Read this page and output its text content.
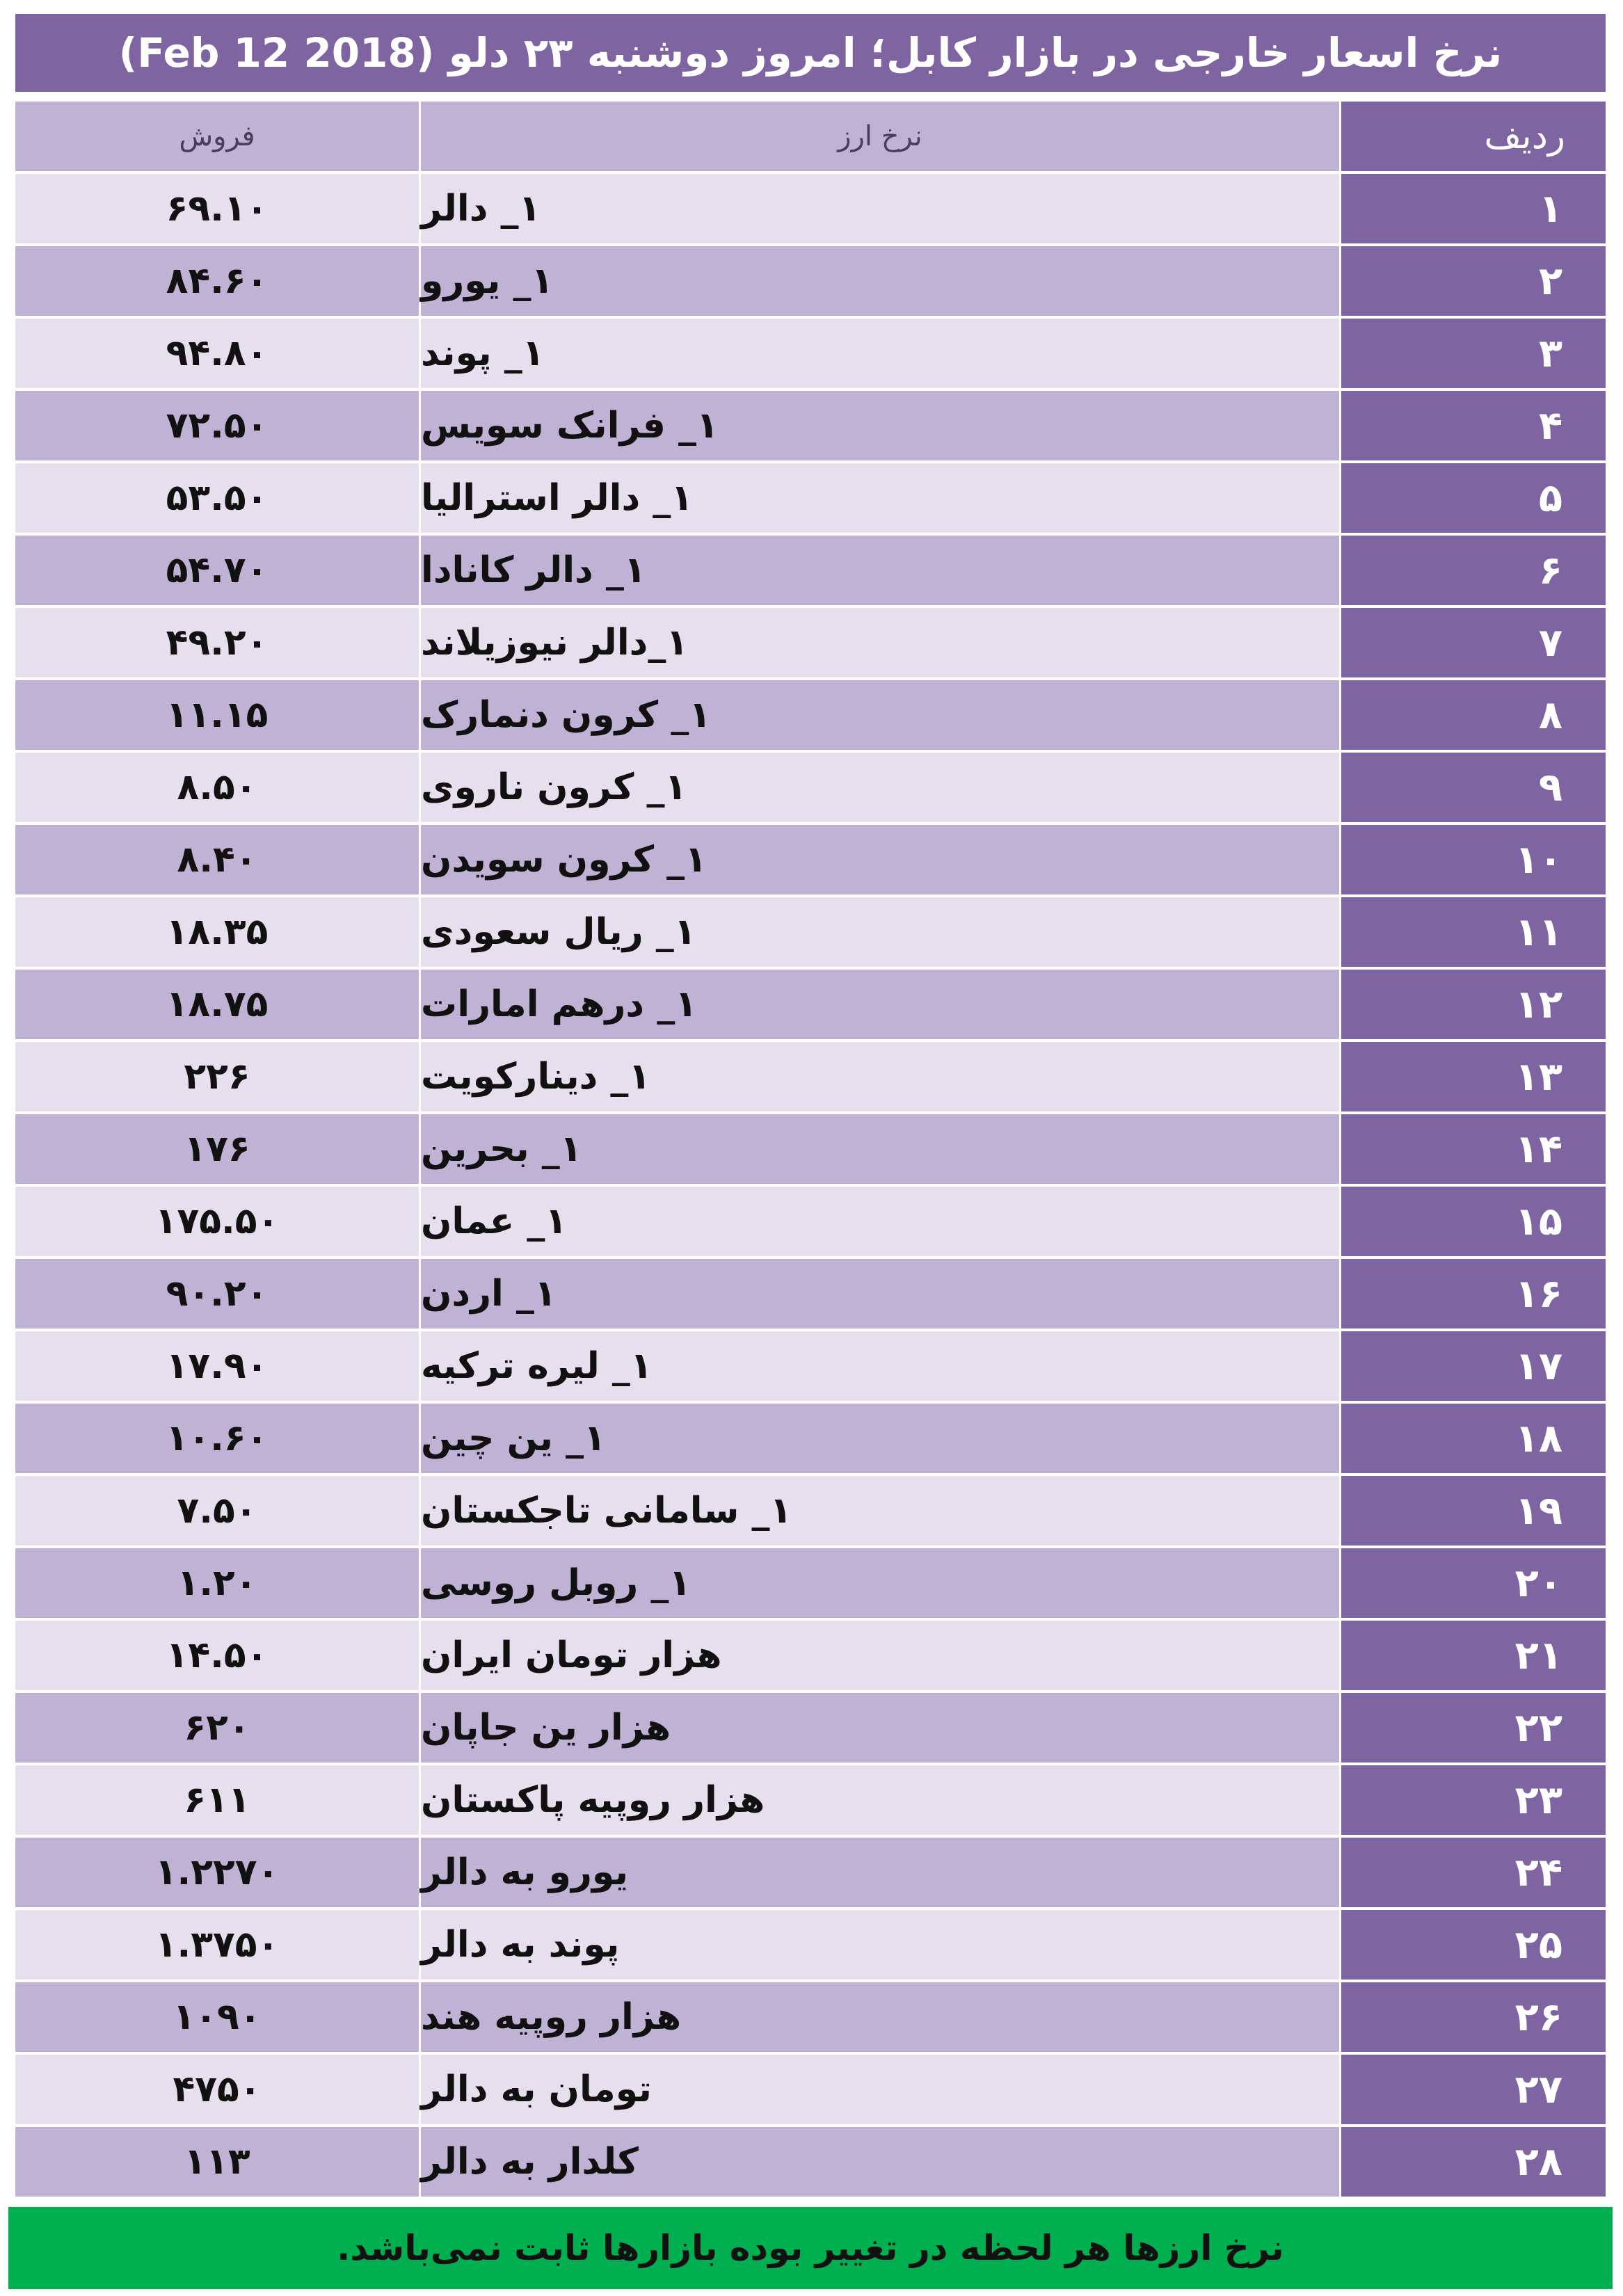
نرخ اسعار خارجی در بازار کابل؛ امروز دوشنبه ۲۳ دلو (Feb 12 2018)
فروش	نرخ ارز	ردیف
۶۹.۱۰	۱_ دالر	۱
۸۴.۶۰	۱_ یورو	۲
۹۴.۸۰	۱_ پوند	۳
۷۲.۵۰	۱_ فرانک سویس	۴
۵۳.۵۰	۱_ دالر استرالیا	۵
۵۴.۷۰	۱_ دالر کانادا	۶
۴۹.۲۰	۱_دالر نیوزیلاند	۷
۱۱.۱۵	۱_ کرون دنمارک	۸
۸.۵۰	۱_ کرون ناروی	۹
۸.۴۰	۱_ کرون سویدن	۱۰
۱۸.۳۵	۱_ ریال سعودی	۱۱
۱۸.۷۵	۱_ درهم امارات	۱۲
۲۲۶	۱_ دینارکویت	۱۳
۱۷۶	۱_ بحرین	۱۴
۱۷۵.۵۰	۱_ عمان	۱۵
۹۰.۲۰	۱_ اردن	۱۶
۱۷.۹۰	۱_ لیره ترکیه	۱۷
۱۰.۶۰	۱_ ین چین	۱۸
۷.۵۰	۱_ سامانی تاجکستان	۱۹
۱.۲۰	۱_ روبل روسی	۲۰
۱۴.۵۰	هزار تومان ایران	۲۱
۶۲۰	هزار ین جاپان	۲۲
۶۱۱	هزار روپیه پاکستان	۲۳
۱.۲۲۷۰	یورو به دالر	۲۴
۱.۳۷۵۰	پوند به دالر	۲۵
۱۰۹۰	هزار روپیه هند	۲۶
۴۷۵۰	تومان به دالر	۲۷
۱۱۳	کلدار به دالر	۲۸
نرخ ارزها هر لحظه در تغییر بوده بازارها ثابت نمی‌باشد.
